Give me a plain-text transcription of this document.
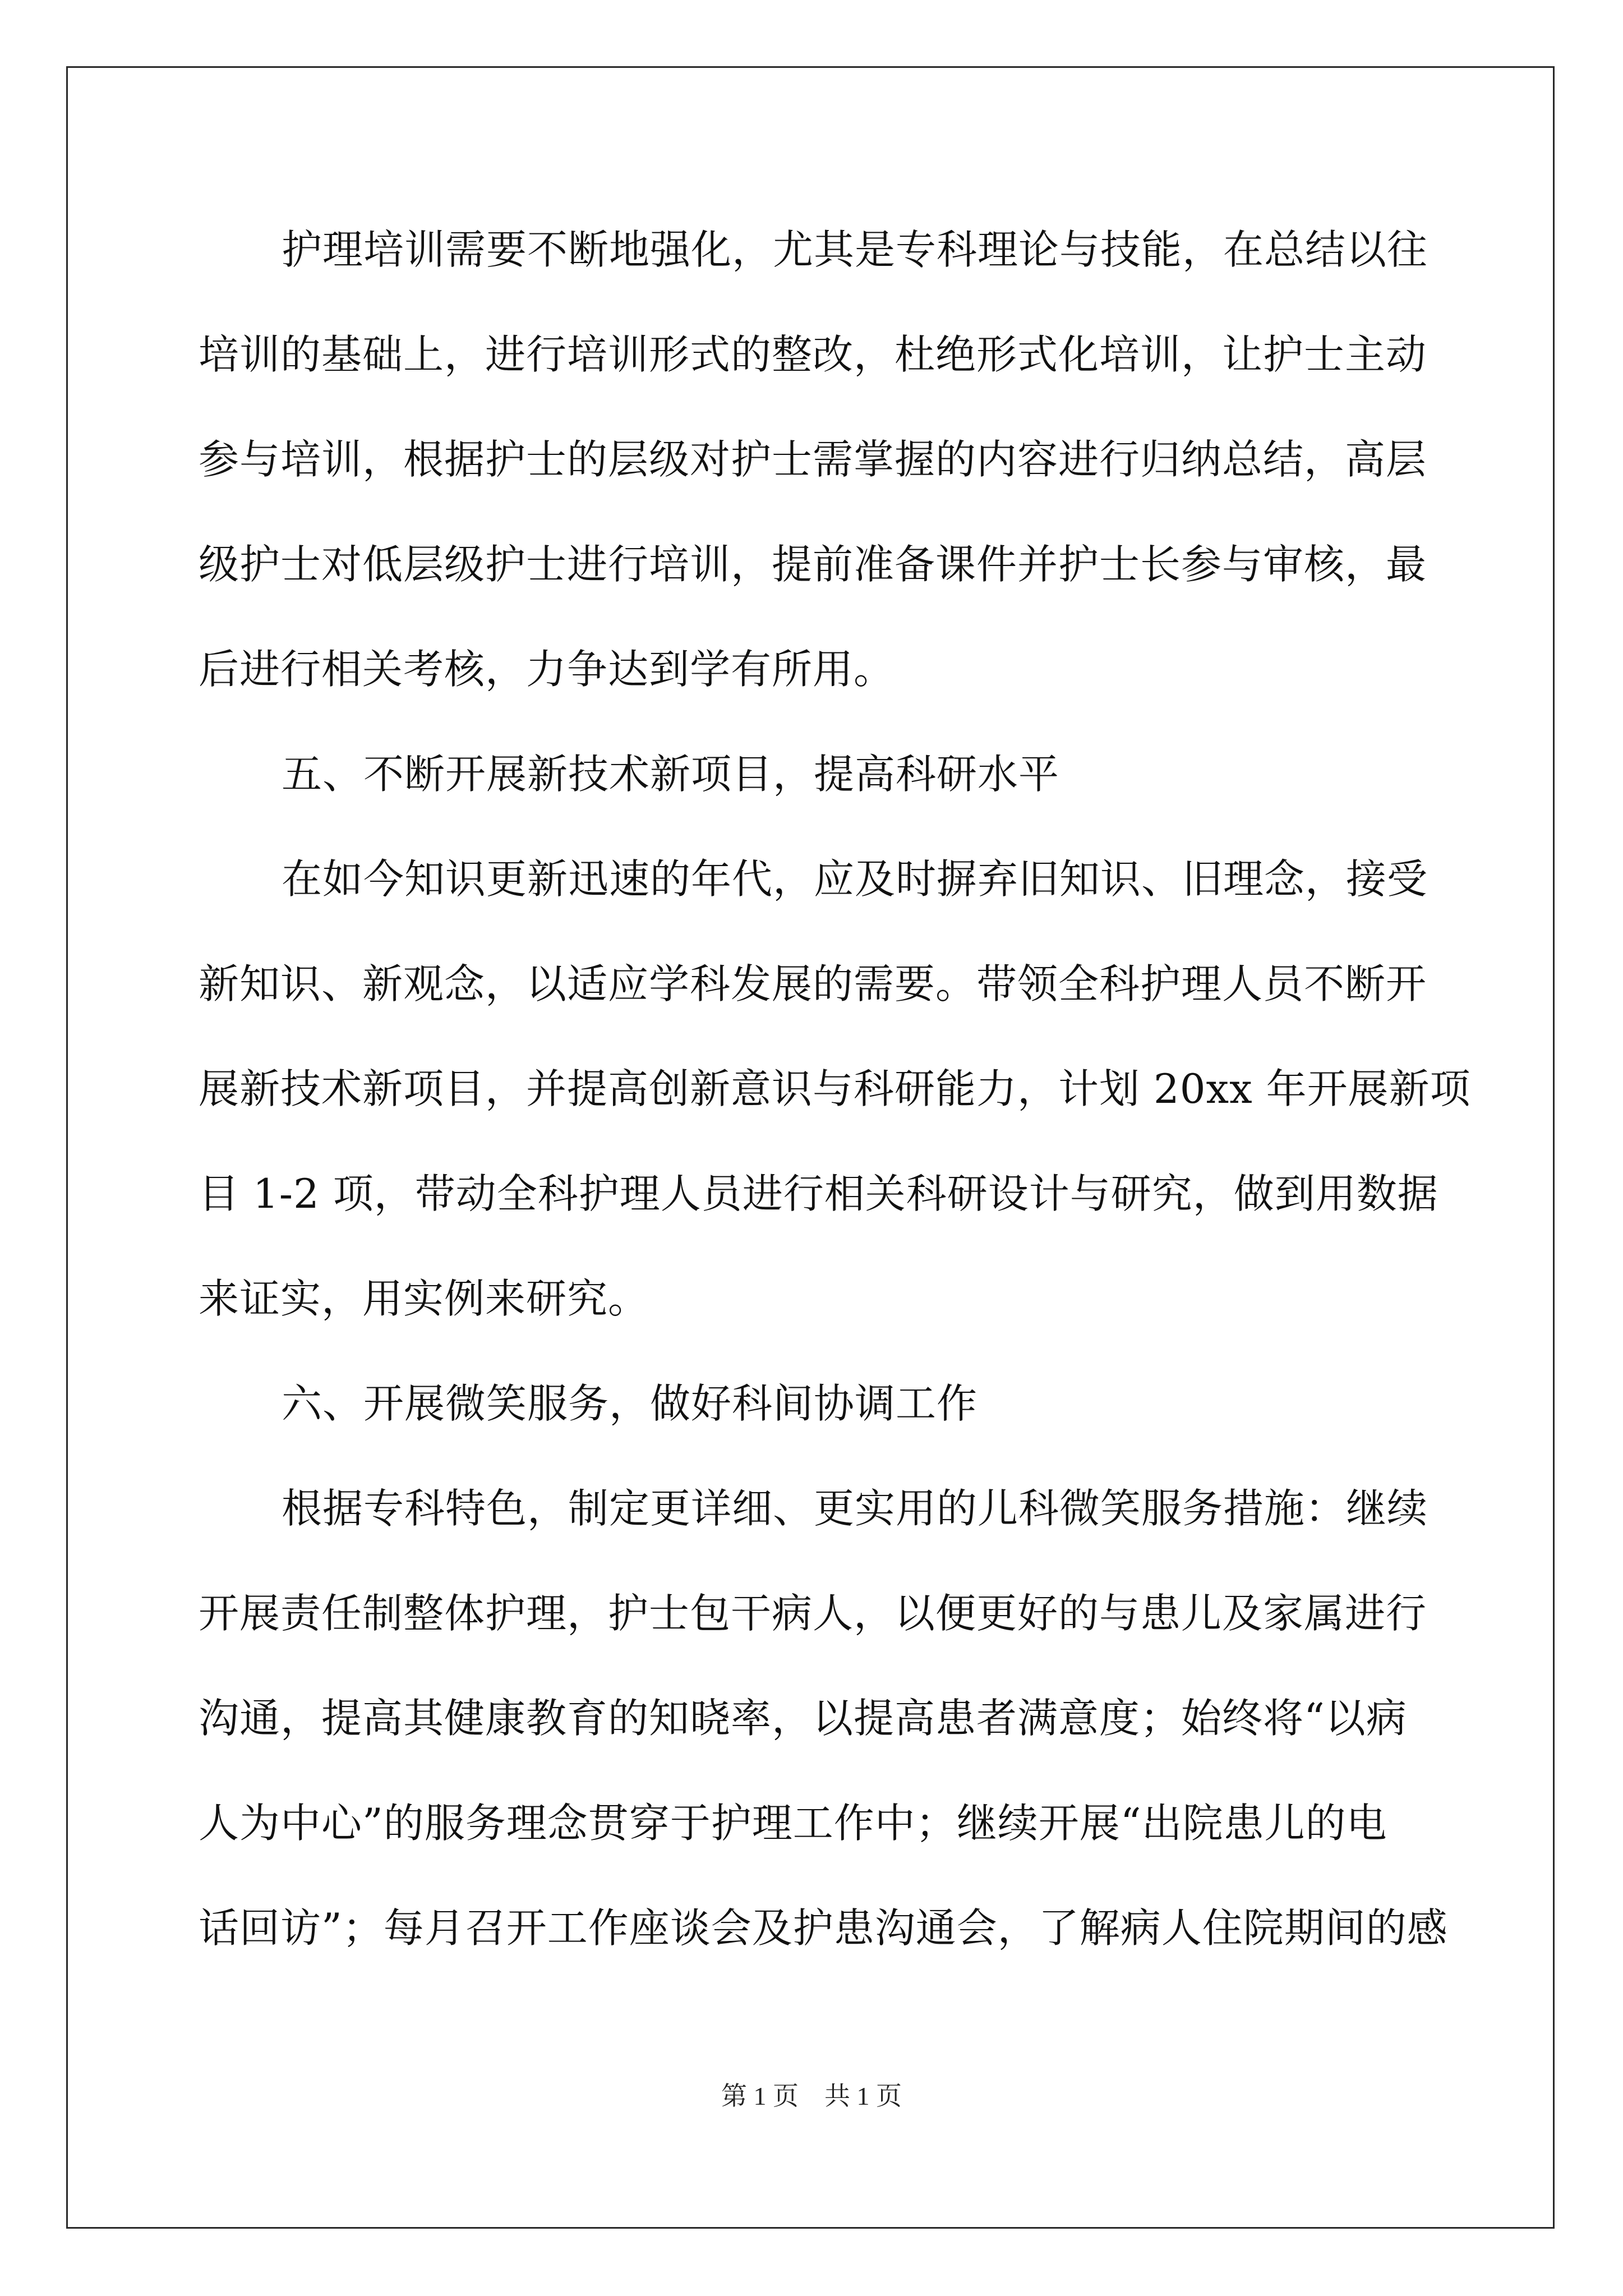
护理培训需要不断地强化，尤其是专科理论与技能，在总结以往
培训的基础上，进行培训形式的整改，杜绝形式化培训，让护士主动
参与培训，根据护士的层级对护士需掌握的内容进行归纳总结，高层
级护士对低层级护士进行培训，提前准备课件并护士长参与审核，最
后进行相关考核，力争达到学有所用。
五、不断开展新技术新项目，提高科研水平
在如今知识更新迅速的年代，应及时摒弃旧知识、旧理念，接受
新知识、新观念，以适应学科发展的需要。带领全科护理人员不断开
展新技术新项目，并提高创新意识与科研能力，计划 20xx 年开展新项
目 1-2 项，带动全科护理人员进行相关科研设计与研究，做到用数据
来证实，用实例来研究。
六、开展微笑服务，做好科间协调工作
根据专科特色，制定更详细、更实用的儿科微笑服务措施：继续
开展责任制整体护理，护士包干病人，以便更好的与患儿及家属进行
沟通，提高其健康教育的知晓率，以提高患者满意度；始终将“以病
人为中心”的服务理念贯穿于护理工作中；继续开展“出院患儿的电
话回访”；每月召开工作座谈会及护患沟通会，了解病人住院期间的感
第 1 页 共 1 页
